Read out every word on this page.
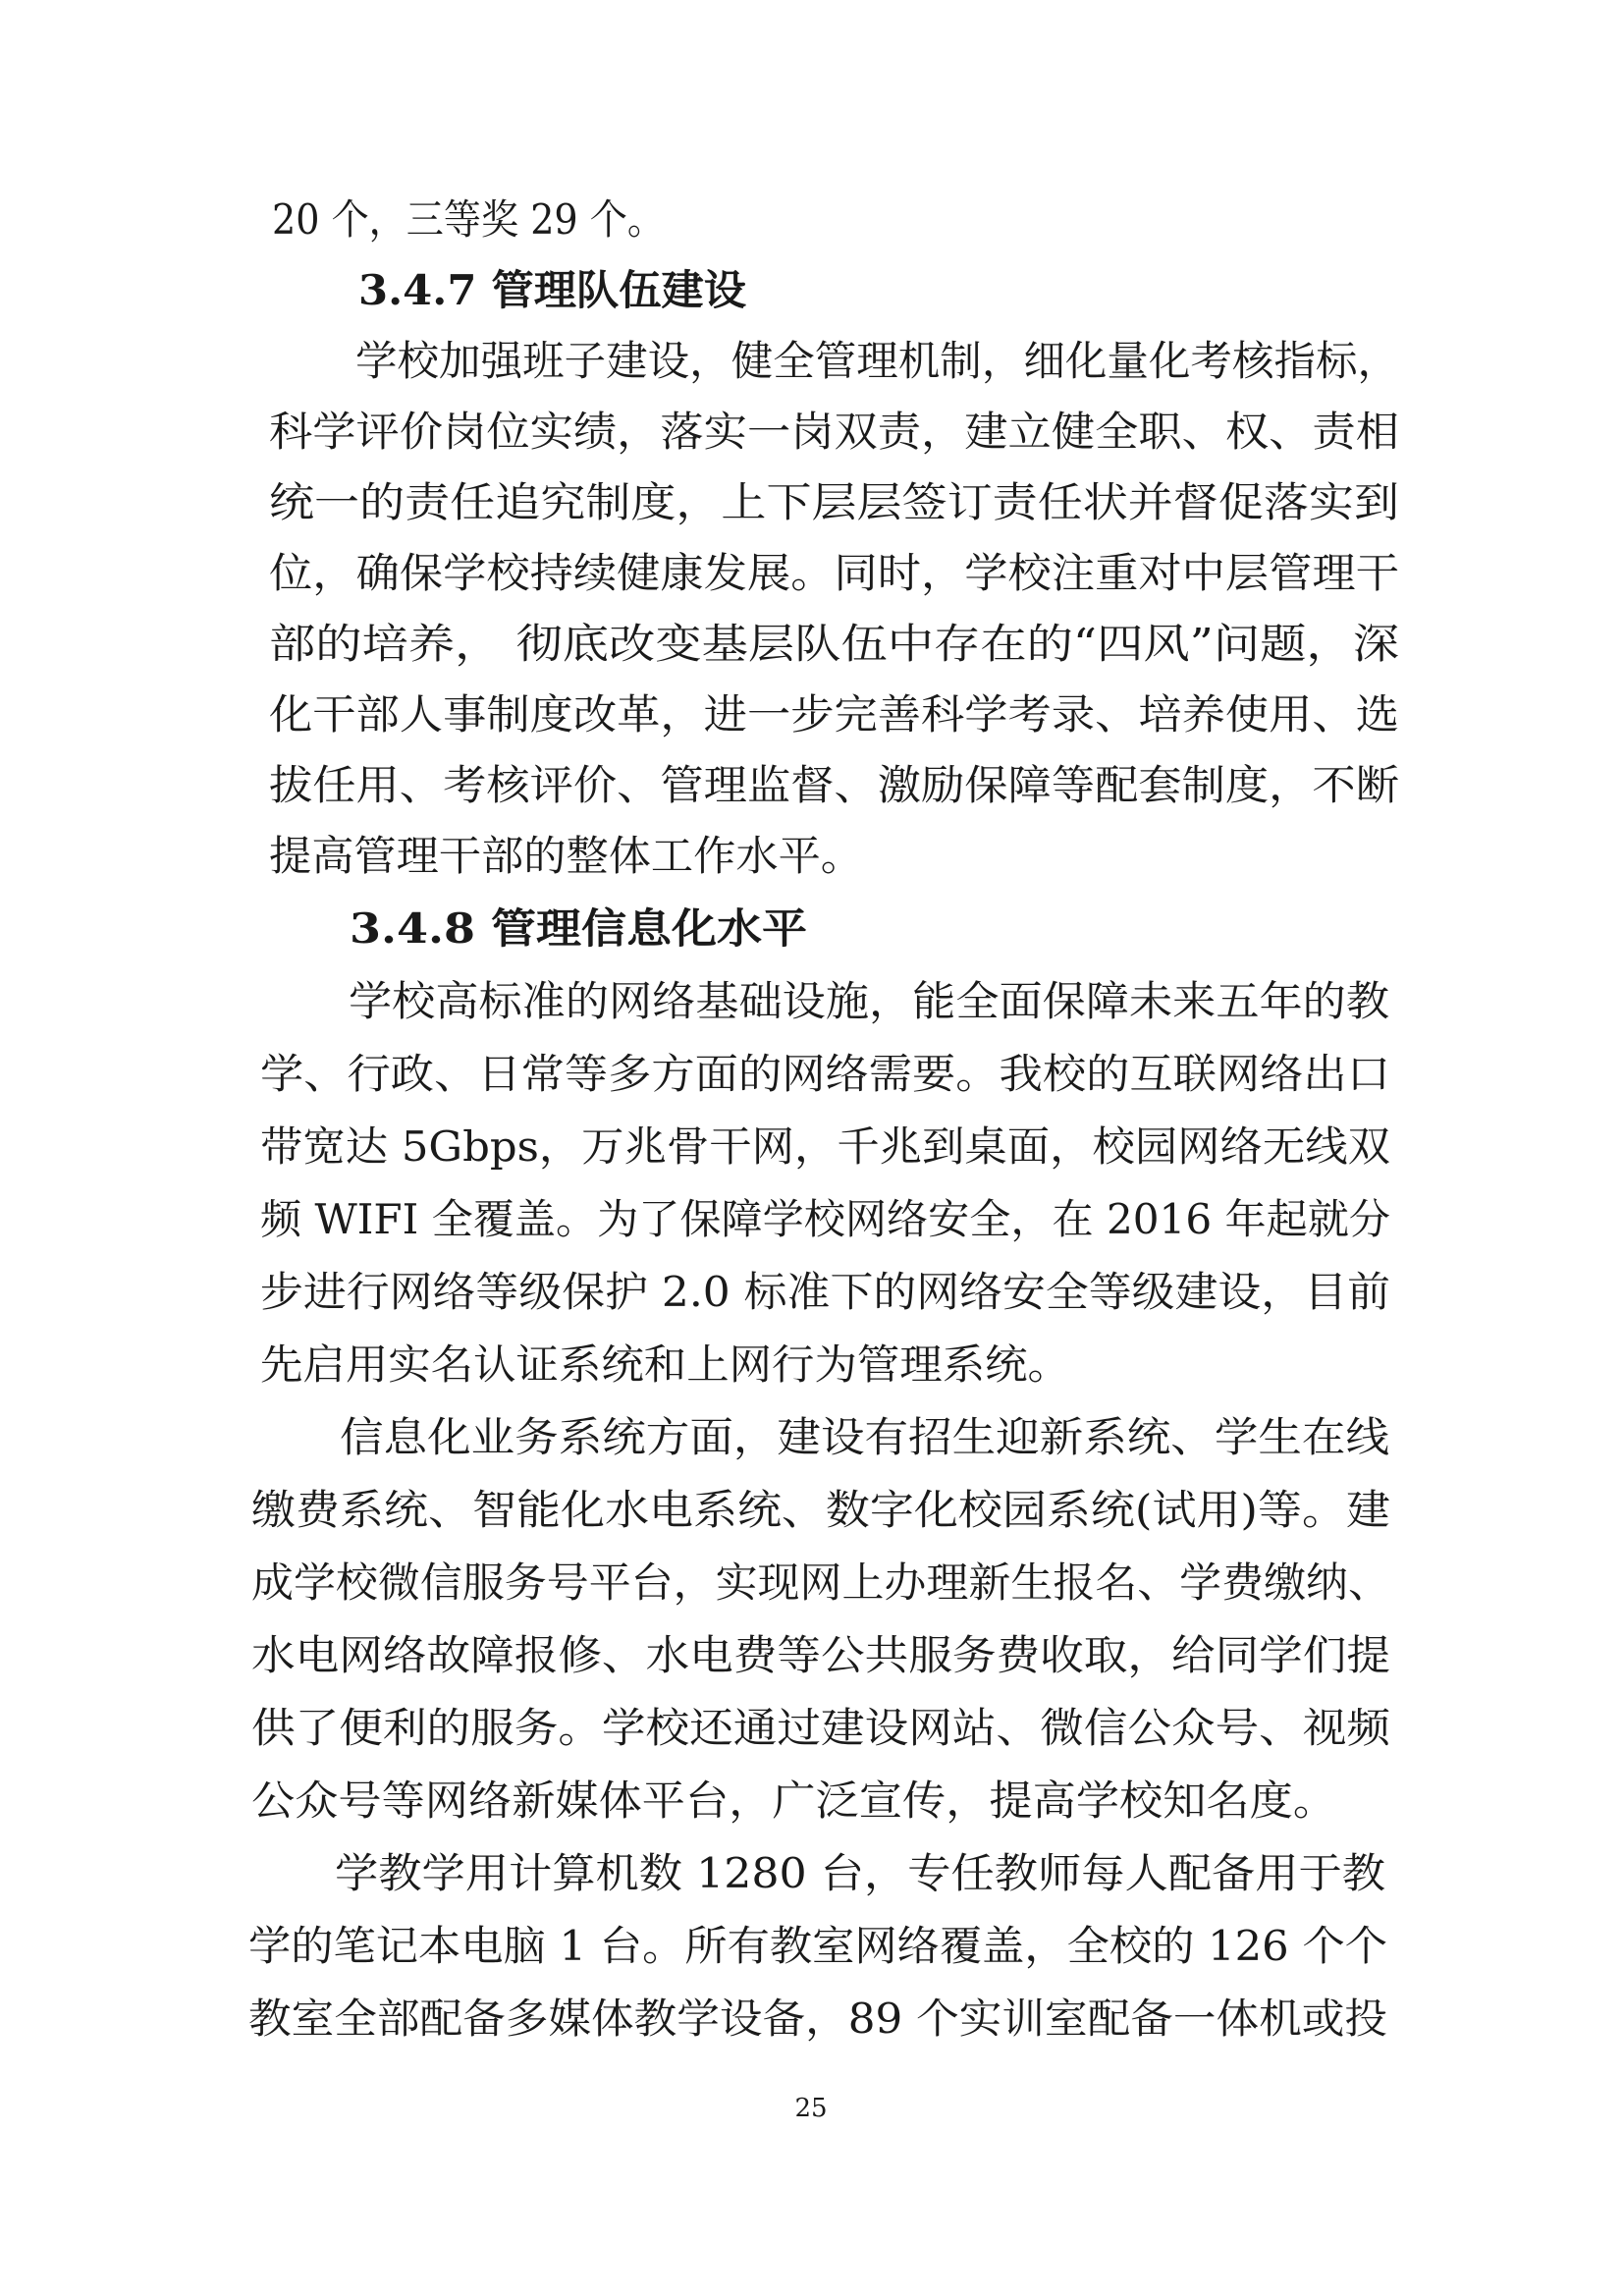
20 个，三等奖 29 个。
3.4.7 管理队伍建设
学校加强班子建设，健全管理机制，细化量化考核指标，
科学评价岗位实绩，落实一岗双责，建立健全职、权、责相
统一的责任追究制度，上下层层签订责任状并督促落实到
位，确保学校持续健康发展。同时，学校注重对中层管理干
部的培养， 彻底改变基层队伍中存在的“四风”问题，深
化干部人事制度改革，进一步完善科学考录、培养使用、选
拔任用、考核评价、管理监督、激励保障等配套制度，不断
提高管理干部的整体工作水平。
3.4.8 管理信息化水平
学校高标准的网络基础设施，能全面保障未来五年的教
学、行政、日常等多方面的网络需要。我校的互联网络出口
带宽达 5Gbps，万兆骨干网，千兆到桌面，校园网络无线双
频 WIFI 全覆盖。为了保障学校网络安全，在 2016 年起就分
步进行网络等级保护 2.0 标准下的网络安全等级建设，目前
先启用实名认证系统和上网行为管理系统。
信息化业务系统方面，建设有招生迎新系统、学生在线
缴费系统、智能化水电系统、数字化校园系统(试用)等。建
成学校微信服务号平台，实现网上办理新生报名、学费缴纳、
水电网络故障报修、水电费等公共服务费收取，给同学们提
供了便利的服务。学校还通过建设网站、微信公众号、视频
公众号等网络新媒体平台，广泛宣传，提高学校知名度。
学教学用计算机数 1280 台，专任教师每人配备用于教
学的笔记本电脑 1 台。所有教室网络覆盖，全校的 126 个个
教室全部配备多媒体教学设备，89 个实训室配备一体机或投
25
